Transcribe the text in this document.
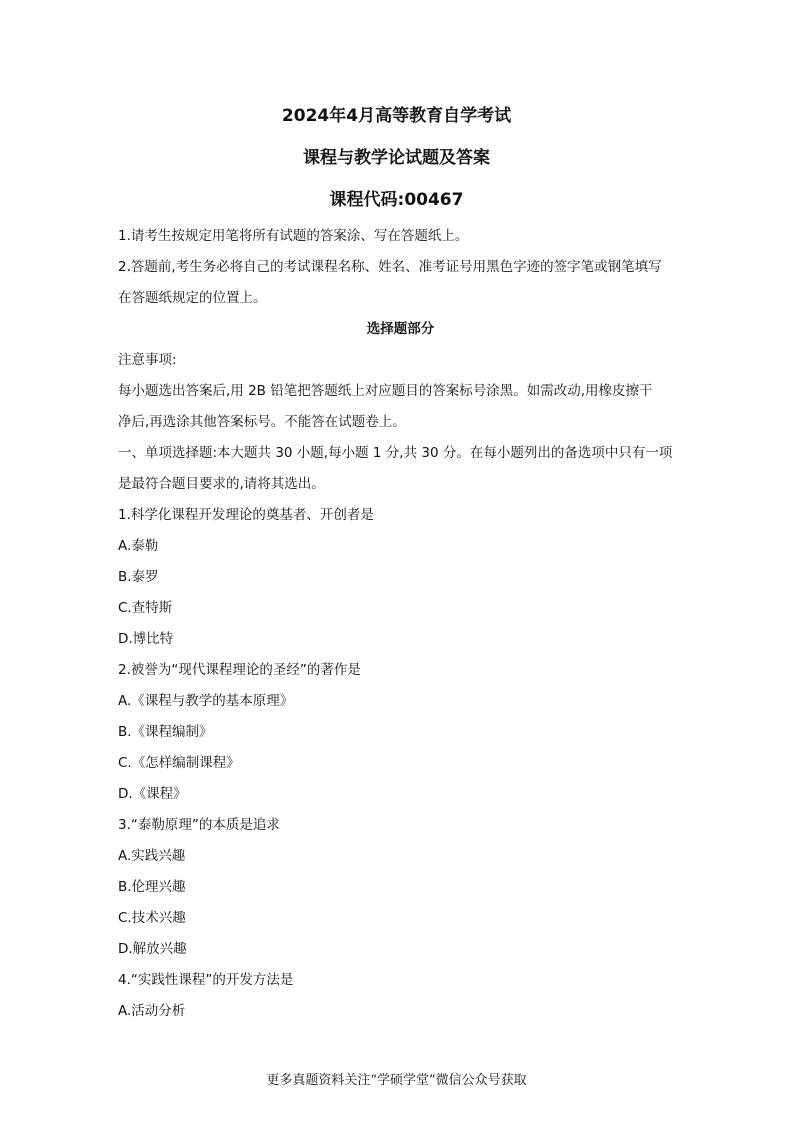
2024年4月高等教育自学考试
课程与教学论试题及答案
课程代码:00467

1.请考生按规定用笔将所有试题的答案涂、写在答题纸上。

2.答题前,考生务必将自己的考试课程名称、姓名、准考证号用黑色字迹的签字笔或钢笔填写

在答题纸规定的位置上。

选择题部分

注意事项:

每小题选出答案后,用 2B 铅笔把答题纸上对应题目的答案标号涂黑。如需改动,用橡皮擦干

净后,再选涂其他答案标号。不能答在试题卷上。

一、单项选择题:本大题共 30 小题,每小题 1 分,共 30 分。在每小题列出的备选项中只有一项

是最符合题目要求的,请将其选出。

1.科学化课程开发理论的奠基者、开创者是

A.泰勒

B.泰罗

C.查特斯

D.博比特

2.被誉为“现代课程理论的圣经”的著作是

A.《课程与教学的基本原理》

B.《课程编制》

C.《怎样编制课程》

D.《课程》

3.“泰勒原理”的本质是追求

A.实践兴趣

B.伦理兴趣

C.技术兴趣

D.解放兴趣

4.“实践性课程”的开发方法是

A.活动分析

更多真题资料关注“学硕学堂”微信公众号获取
